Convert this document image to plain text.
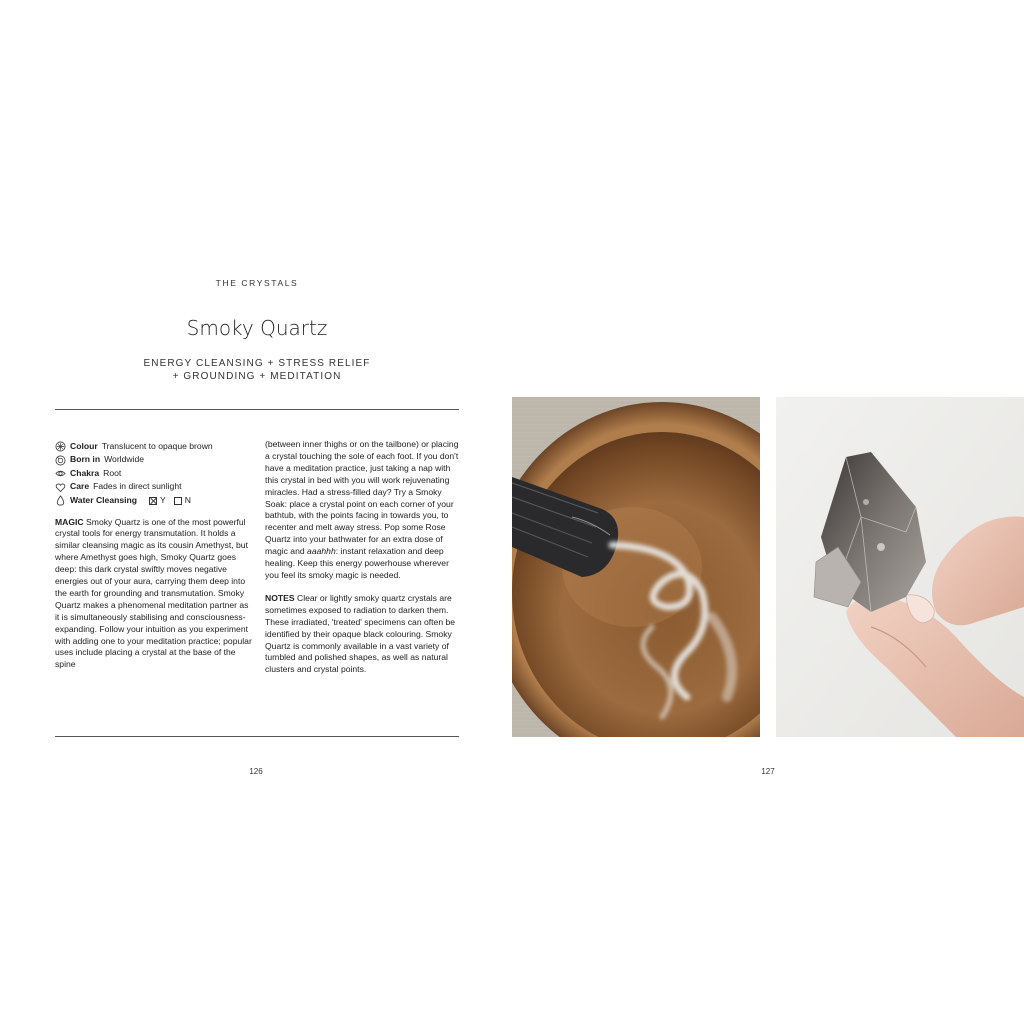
THE CRYSTALS
Smoky Quartz
ENERGY CLEANSING + STRESS RELIEF
+ GROUNDING + MEDITATION
Colour Translucent to opaque brown
Born in Worldwide
Chakra Root
Care Fades in direct sunlight
Water Cleansing	Y N

MAGIC Smoky Quartz is one of the most powerful crystal tools for energy transmutation. It holds a similar cleansing magic as its cousin Amethyst, but where Amethyst goes high, Smoky Quartz goes deep: this dark crystal swiftly moves negative energies out of your aura, carrying them deep into the earth for grounding and transmutation. Smoky Quartz makes a phenomenal meditation partner as it is simultaneously stabilising and consciousness-expanding. Follow your intuition as you experiment with adding one to your meditation practice; popular uses include placing a crystal at the base of the spine

(between inner thighs or on the tailbone) or placing a crystal touching the sole of each foot. If you don't have a meditation practice, just taking a nap with this crystal in bed with you will work rejuvenating miracles. Had a stress-filled day? Try a Smoky Soak: place a crystal point on each corner of your bathtub, with the points facing in towards you, to recenter and melt away stress. Pop some Rose Quartz into your bathwater for an extra dose of magic and aaahhh: instant relaxation and deep healing. Keep this energy powerhouse wherever you feel its smoky magic is needed.

NOTES Clear or lightly smoky quartz crystals are sometimes exposed to radiation to darken them. These irradiated, 'treated' specimens can often be identified by their opaque black colouring. Smoky Quartz is commonly available in a vast variety of tumbled and polished shapes, as well as natural clusters and crystal points.

126	127
